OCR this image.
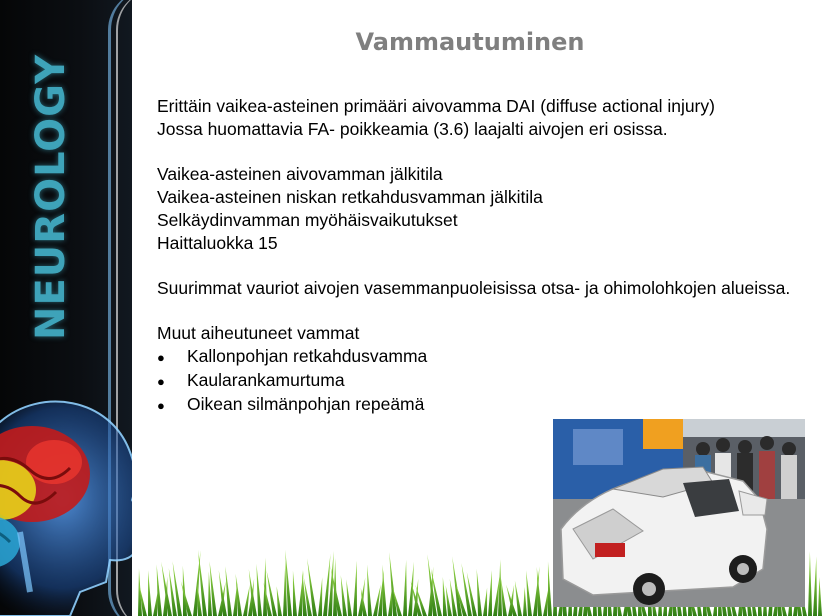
NEUROLOGY
Vammautuminen
Erittäin vaikea-asteinen primääri aivovamma DAI (diffuse actional injury)
Jossa huomattavia FA- poikkeamia (3.6) laajalti aivojen eri osissa.
Vaikea-asteinen aivovamman jälkitila
Vaikea-asteinen niskan retkahdusvamman jälkitila
Selkäydinvamman myöhäisvaikutukset
Haittaluokka 15
Suurimmat vauriot aivojen vasemmanpuoleisissa otsa- ja ohimolohkojen alueissa.
Muut aiheutuneet vammat
●	Kallonpohjan retkahdusvamma
●	Kaularankamurtuma
●	Oikean silmänpohjan repeämä
